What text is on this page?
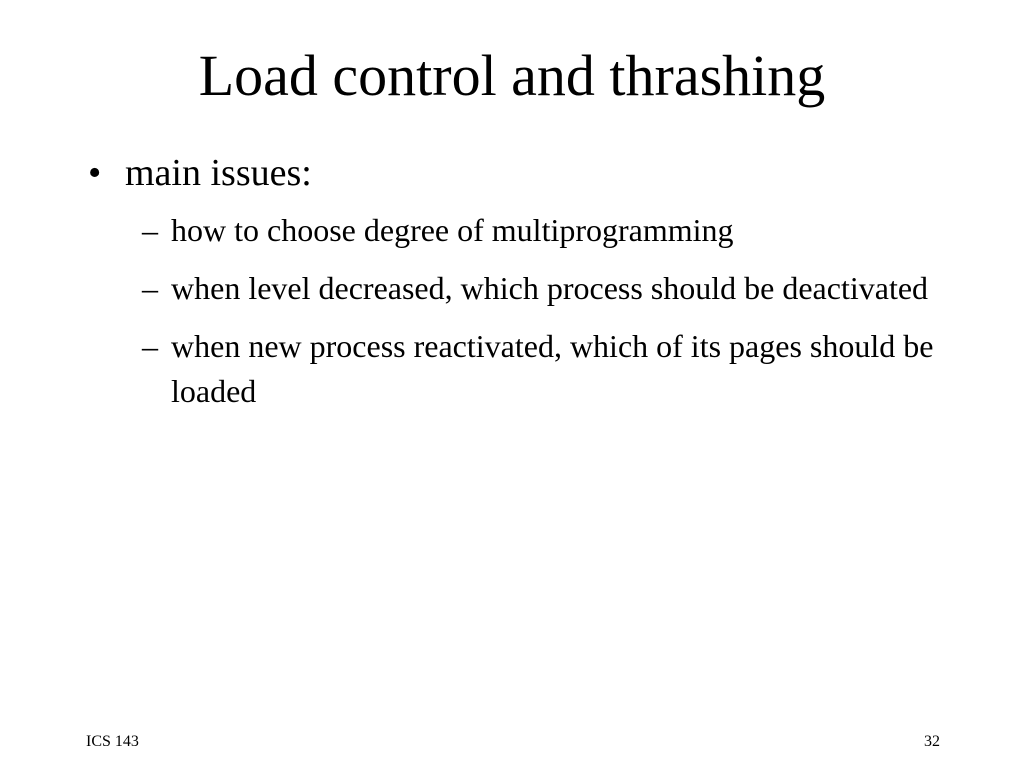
Load control and thrashing
• main issues:
– how to choose degree of multiprogramming
– when level decreased, which process should be deactivated
– when new process reactivated, which of its pages should be loaded
ICS 143	32
